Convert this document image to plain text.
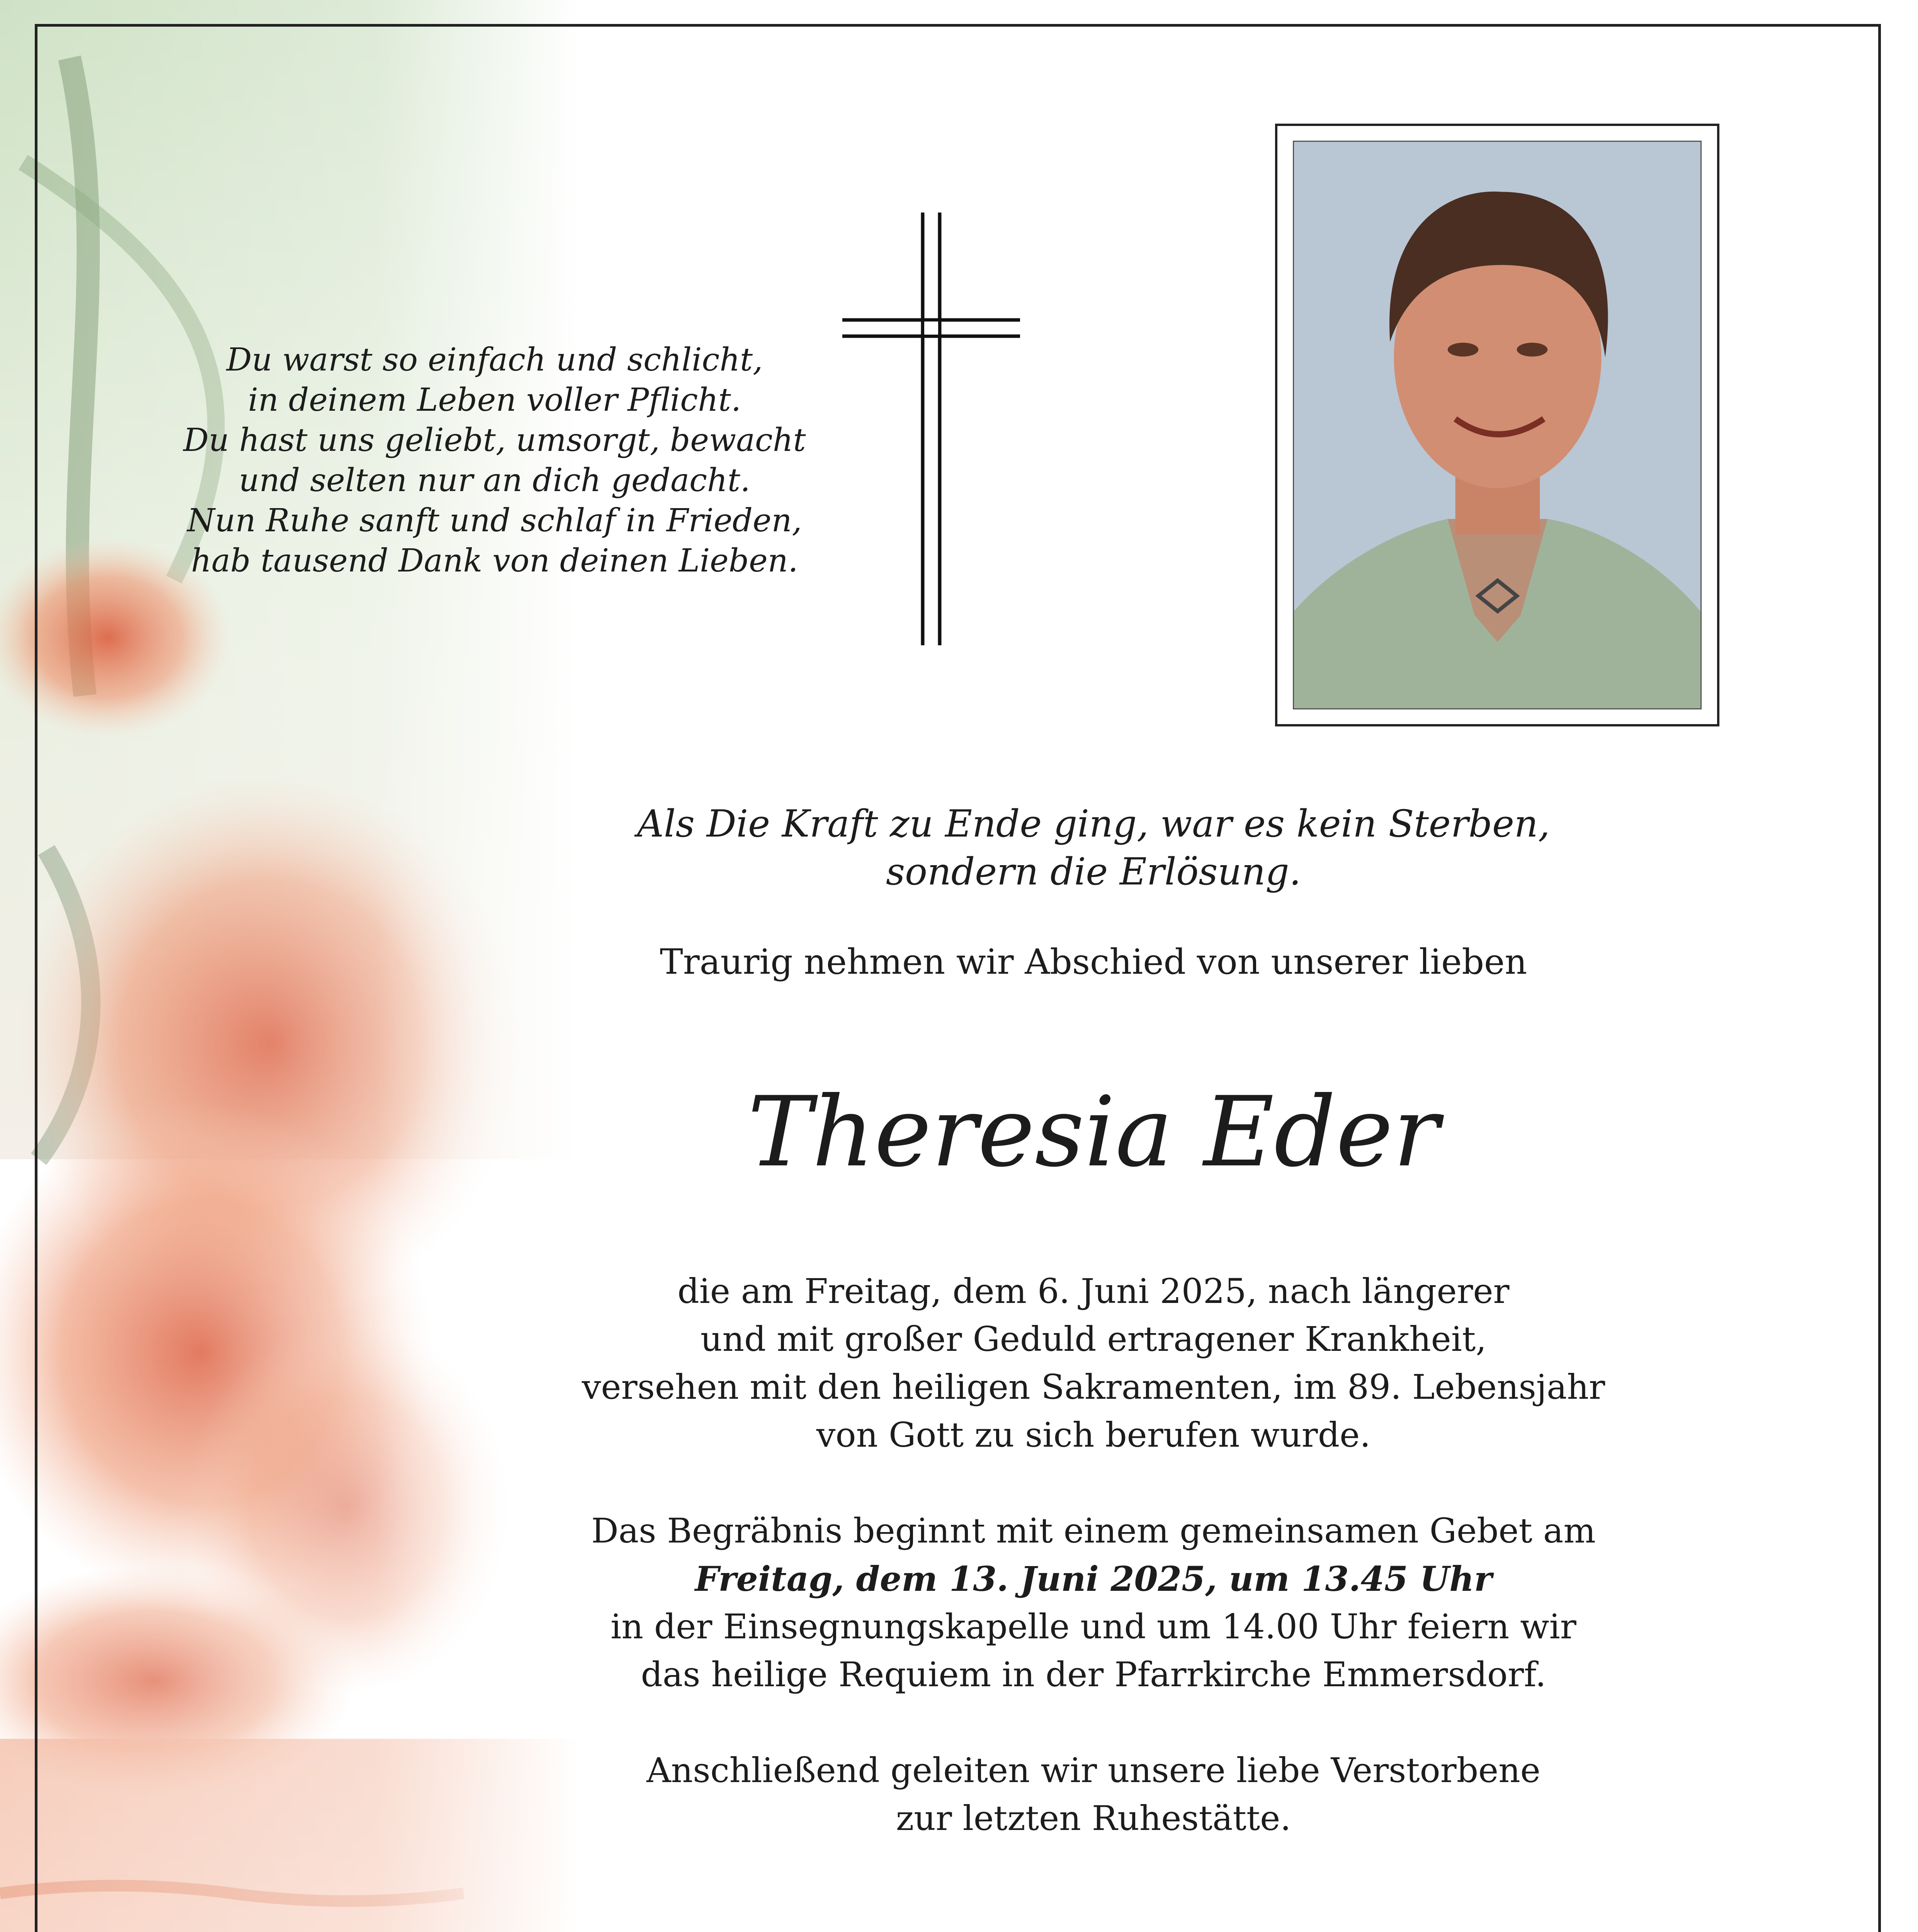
Du warst so einfach und schlicht,
in deinem Leben voller Pflicht.
Du hast uns geliebt, umsorgt, bewacht
und selten nur an dich gedacht.
Nun Ruhe sanft und schlaf in Frieden,
hab tausend Dank von deinen Lieben.
Als Die Kraft zu Ende ging, war es kein Sterben,
sondern die Erlösung.
Traurig nehmen wir Abschied von unserer lieben
Theresia Eder
die am Freitag, dem 6. Juni 2025, nach längerer
und mit großer Geduld ertragener Krankheit,
versehen mit den heiligen Sakramenten, im 89. Lebensjahr
von Gott zu sich berufen wurde.
Das Begräbnis beginnt mit einem gemeinsamen Gebet am
Freitag, dem 13. Juni 2025, um 13.45 Uhr
in der Einsegnungskapelle und um 14.00 Uhr feiern wir
das heilige Requiem in der Pfarrkirche Emmersdorf.
Anschließend geleiten wir unsere liebe Verstorbene
zur letzten Ruhestätte.
